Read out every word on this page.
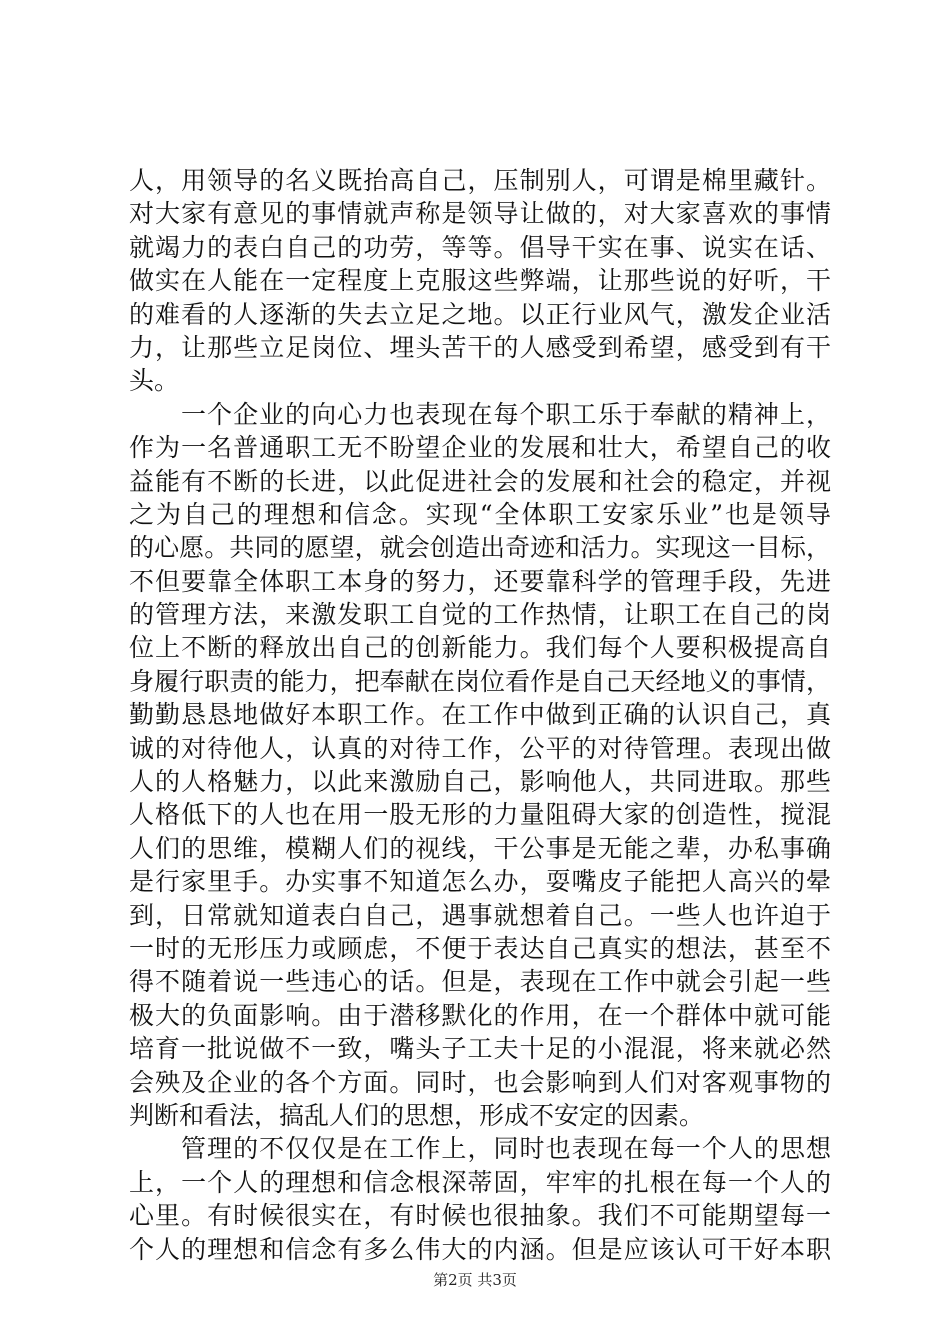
人，用领导的名义既抬高自己，压制别人，可谓是棉里藏针。
对大家有意见的事情就声称是领导让做的，对大家喜欢的事情
就竭力的表白自己的功劳，等等。倡导干实在事、说实在话、
做实在人能在一定程度上克服这些弊端，让那些说的好听，干
的难看的人逐渐的失去立足之地。以正行业风气，激发企业活
力，让那些立足岗位、埋头苦干的人感受到希望，感受到有干
头。
一个企业的向心力也表现在每个职工乐于奉献的精神上，
作为一名普通职工无不盼望企业的发展和壮大，希望自己的收
益能有不断的长进，以此促进社会的发展和社会的稳定，并视
之为自己的理想和信念。实现“全体职工安家乐业”也是领导
的心愿。共同的愿望，就会创造出奇迹和活力。实现这一目标，
不但要靠全体职工本身的努力，还要靠科学的管理手段，先进
的管理方法，来激发职工自觉的工作热情，让职工在自己的岗
位上不断的释放出自己的创新能力。我们每个人要积极提高自
身履行职责的能力，把奉献在岗位看作是自己天经地义的事情，
勤勤恳恳地做好本职工作。在工作中做到正确的认识自己，真
诚的对待他人，认真的对待工作，公平的对待管理。表现出做
人的人格魅力，以此来激励自己，影响他人，共同进取。那些
人格低下的人也在用一股无形的力量阻碍大家的创造性，搅混
人们的思维，模糊人们的视线，干公事是无能之辈，办私事确
是行家里手。办实事不知道怎么办，耍嘴皮子能把人高兴的晕
到，日常就知道表白自己，遇事就想着自己。一些人也许迫于
一时的无形压力或顾虑，不便于表达自己真实的想法，甚至不
得不随着说一些违心的话。但是，表现在工作中就会引起一些
极大的负面影响。由于潜移默化的作用，在一个群体中就可能
培育一批说做不一致，嘴头子工夫十足的小混混，将来就必然
会殃及企业的各个方面。同时，也会影响到人们对客观事物的
判断和看法，搞乱人们的思想，形成不安定的因素。
管理的不仅仅是在工作上，同时也表现在每一个人的思想
上，一个人的理想和信念根深蒂固，牢牢的扎根在每一个人的
心里。有时候很实在，有时候也很抽象。我们不可能期望每一
个人的理想和信念有多么伟大的内涵。但是应该认可干好本职
第2页 共3页
